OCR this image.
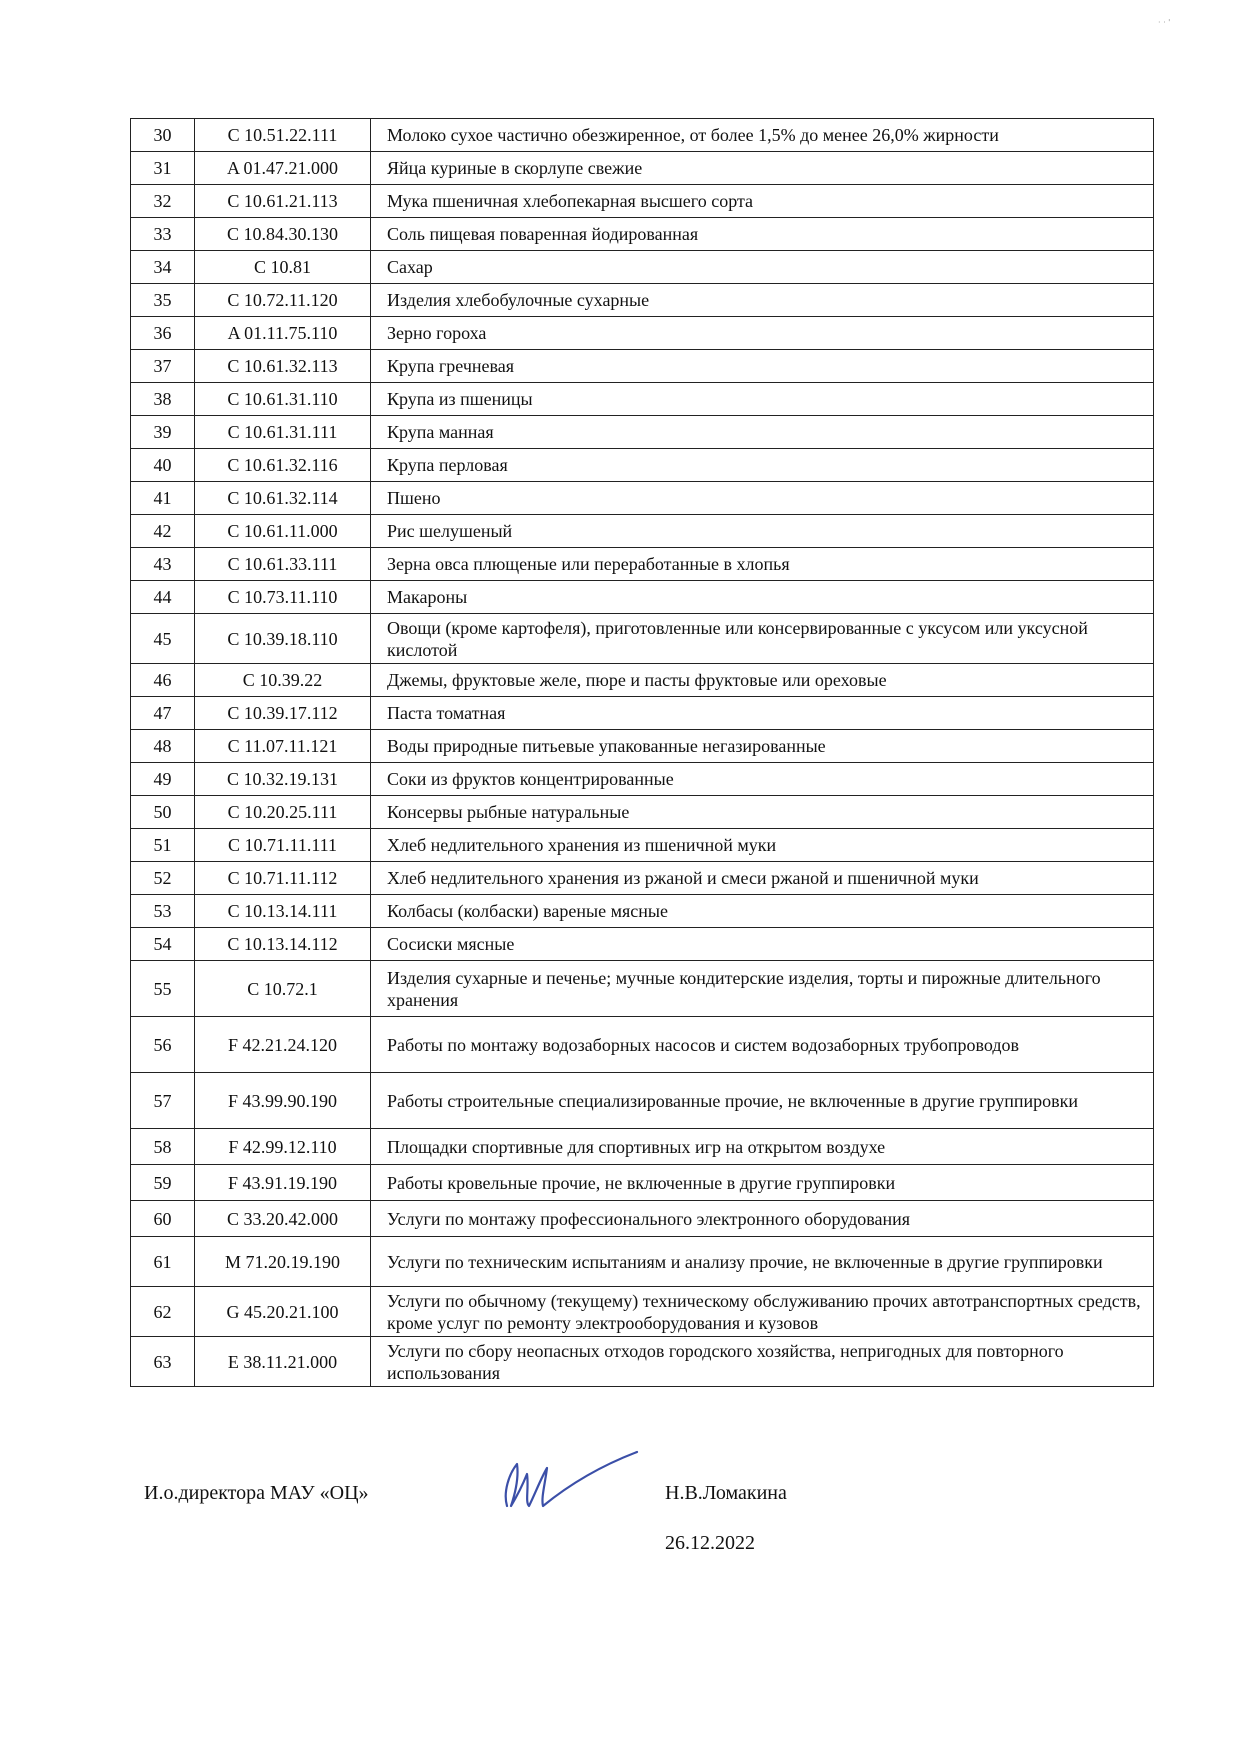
· · '
30	C 10.51.22.111	Молоко сухое частично обезжиренное, от более 1,5% до менее 26,0% жирности
31	A 01.47.21.000	Яйца куриные в скорлупе свежие
32	C 10.61.21.113	Мука пшеничная хлебопекарная высшего сорта
33	C 10.84.30.130	Соль пищевая поваренная йодированная
34	C 10.81	Сахар
35	C 10.72.11.120	Изделия хлебобулочные сухарные
36	A 01.11.75.110	Зерно гороха
37	C 10.61.32.113	Крупа гречневая
38	C 10.61.31.110	Крупа из пшеницы
39	C 10.61.31.111	Крупа манная
40	C 10.61.32.116	Крупа перловая
41	C 10.61.32.114	Пшено
42	C 10.61.11.000	Рис шелушеный
43	C 10.61.33.111	Зерна овса плющеные или переработанные в хлопья
44	C 10.73.11.110	Макароны
45	C 10.39.18.110	Овощи (кроме картофеля), приготовленные или консервированные с уксусом или уксусной кислотой
46	C 10.39.22	Джемы, фруктовые желе, пюре и пасты фруктовые или ореховые
47	C 10.39.17.112	Паста томатная
48	C 11.07.11.121	Воды природные питьевые упакованные негазированные
49	C 10.32.19.131	Соки из фруктов концентрированные
50	C 10.20.25.111	Консервы рыбные натуральные
51	C 10.71.11.111	Хлеб недлительного хранения из пшеничной муки
52	C 10.71.11.112	Хлеб недлительного хранения из ржаной и смеси ржаной и пшеничной муки
53	C 10.13.14.111	Колбасы (колбаски) вареные мясные
54	C 10.13.14.112	Сосиски мясные
55	C 10.72.1	Изделия сухарные и печенье; мучные кондитерские изделия, торты и пирожные длительного хранения
56	F 42.21.24.120	Работы по монтажу водозаборных насосов и систем водозаборных трубопроводов
57	F 43.99.90.190	Работы строительные специализированные прочие, не включенные в другие группировки
58	F 42.99.12.110	Площадки спортивные для спортивных игр на открытом воздухе
59	F 43.91.19.190	Работы кровельные прочие, не включенные в другие группировки
60	C 33.20.42.000	Услуги по монтажу профессионального электронного оборудования
61	M 71.20.19.190	Услуги по техническим испытаниям и анализу прочие, не включенные в другие группировки
62	G 45.20.21.100	Услуги по обычному (текущему) техническому обслуживанию прочих автотранспортных средств, кроме услуг по ремонту электрооборудования и кузовов
63	E 38.11.21.000	Услуги по сбору неопасных отходов городского хозяйства, непригодных для повторного использования
И.о.директора МАУ «ОЦ»	Н.В.Ломакина
26.12.2022
